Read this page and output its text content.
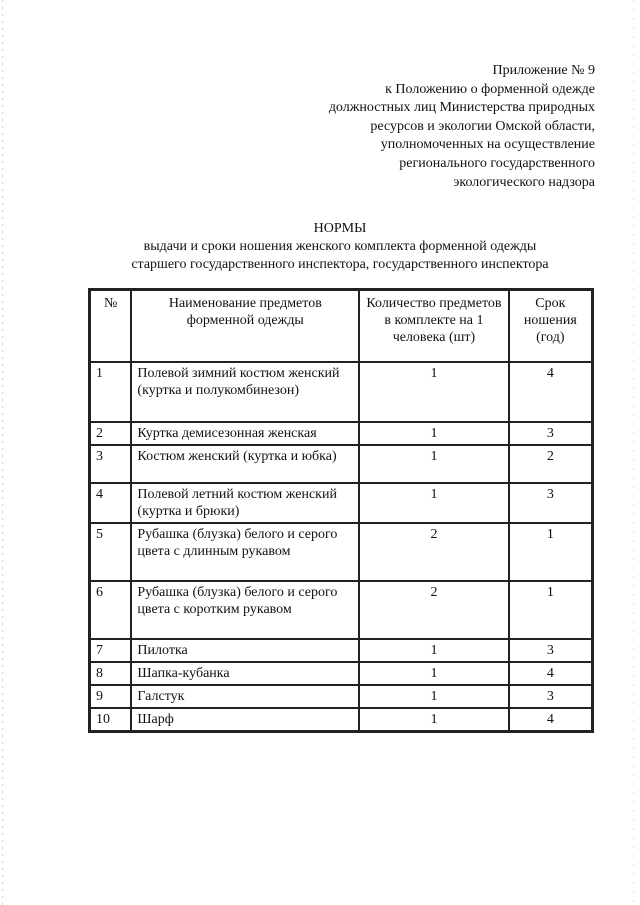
Приложение № 9
к Положению о форменной одежде
должностных лиц Министерства природных
ресурсов и экологии Омской области,
уполномоченных на осуществление
регионального государственного
экологического надзора
НОРМЫ
выдачи и сроки ношения женского комплекта форменной одежды
старшего государственного инспектора, государственного инспектора
№	Наименование предметов форменной одежды	Количество предметов в комплекте на 1 человека (шт)	Срок ношения (год)
1	Полевой зимний костюм женский (куртка и полукомбинезон)	1	4
2	Куртка демисезонная женская	1	3
3	Костюм женский (куртка и юбка)	1	2
4	Полевой летний костюм женский (куртка и брюки)	1	3
5	Рубашка (блузка) белого и серого цвета с длинным рукавом	2	1
6	Рубашка (блузка) белого и серого цвета с коротким рукавом	2	1
7	Пилотка	1	3
8	Шапка-кубанка	1	4
9	Галстук	1	3
10	Шарф	1	4
